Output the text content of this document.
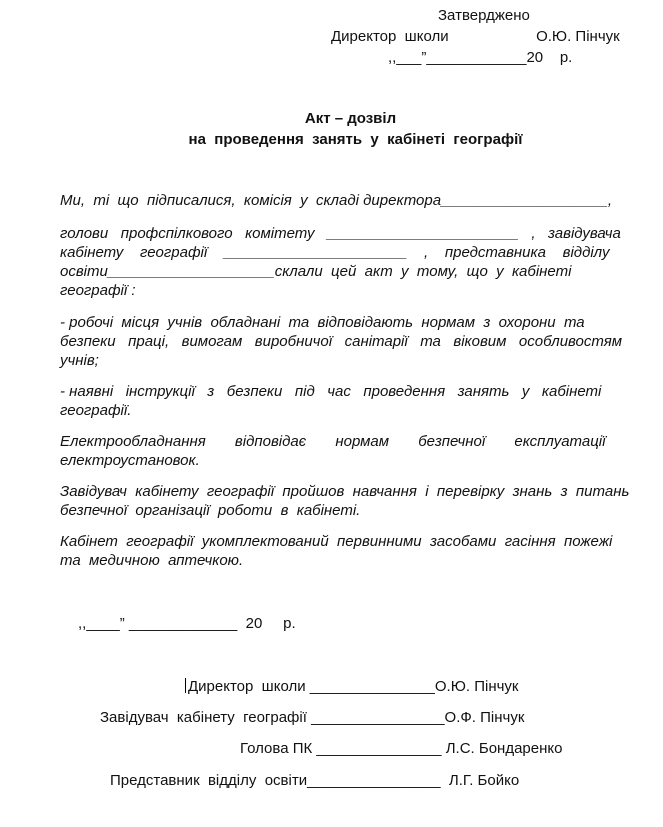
Затверджено
Директор  школи                     О.Ю. Пінчук
,,___”____________20    р.
Акт – дозвіл
на  проведення  занять  у  кабінеті  географії
Ми,  ті  що  підписалися,  комісія  у  складі директора____________________,
голови   профспілкового   комітету   _______________________   ,   завідувача
кабінету    географії    ______________________    ,    представника    відділу
освіти____________________склали  цей  акт  у  тому,  що  у  кабінеті
географії :
- робочі  місця  учнів  обладнані  та  відповідають  нормам  з  охорони  та
безпеки   праці,   вимогам   виробничої   санітарії   та   віковим   особливостям
учнів;
- наявні   інструкції   з   безпеки   під   час   проведення   занять   у   кабінеті
географії.
Електрообладнання       відповідає       нормам       безпечної       експлуатації
електроустановок.
Завідувач  кабінету  географії  пройшов  навчання  і  перевірку  знань  з  питань
безпечної  організації  роботи  в  кабінеті.
Кабінет  географії  укомплектований  первинними  засобами  гасіння  пожежі
та  медичною  аптечкою.
,,____” _____________  20     р.
Директор  школи _______________О.Ю. Пінчук
Завідувач  кабінету  географії ________________О.Ф. Пінчук
Голова ПК _______________ Л.С. Бондаренко
Представник  відділу  освіти________________  Л.Г. Бойко
